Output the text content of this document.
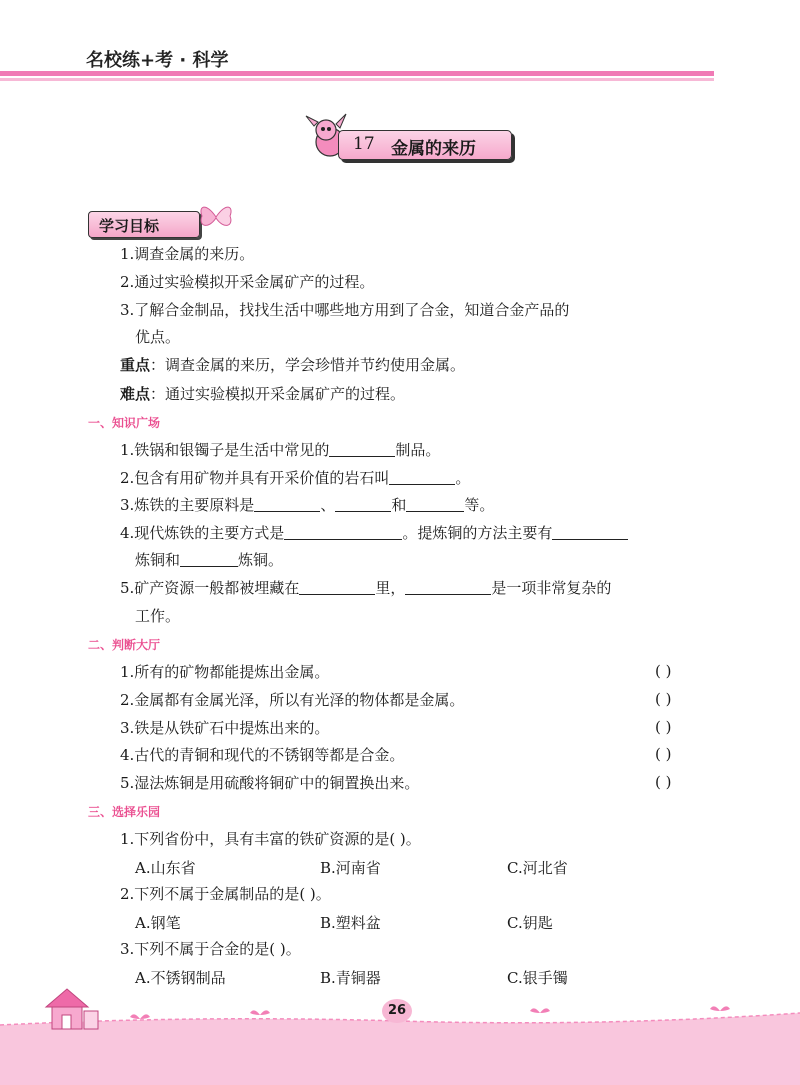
名校练+考 · 科学
17 金属的来历
学习目标
1.调查金属的来历。
2.通过实验模拟开采金属矿产的过程。
3.了解合金制品，找找生活中哪些地方用到了合金，知道合金产品的
优点。
重点：调查金属的来历，学会珍惜并节约使用金属。
难点：通过实验模拟开采金属矿产的过程。
一、知识广场
1.铁锅和银镯子是生活中常见的	制品。
2.包含有用矿物并具有开采价值的岩石叫	。
3.炼铁的主要原料是	、	和	等。
4.现代炼铁的主要方式是	。提炼铜的方法主要有
炼铜和	炼铜。
5.矿产资源一般都被埋藏在	里，	是一项非常复杂的
工作。
二、判断大厅
1.所有的矿物都能提炼出金属。	( )
2.金属都有金属光泽，所以有光泽的物体都是金属。	( )
3.铁是从铁矿石中提炼出来的。	( )
4.古代的青铜和现代的不锈钢等都是合金。	( )
5.湿法炼铜是用硫酸将铜矿中的铜置换出来。	( )
三、选择乐园
1.下列省份中，具有丰富的铁矿资源的是( )。
A.山东省	B.河南省	C.河北省
2.下列不属于金属制品的是( )。
A.钢笔	B.塑料盆	C.钥匙
3.下列不属于合金的是( )。
A.不锈钢制品	B.青铜器	C.银手镯
26
